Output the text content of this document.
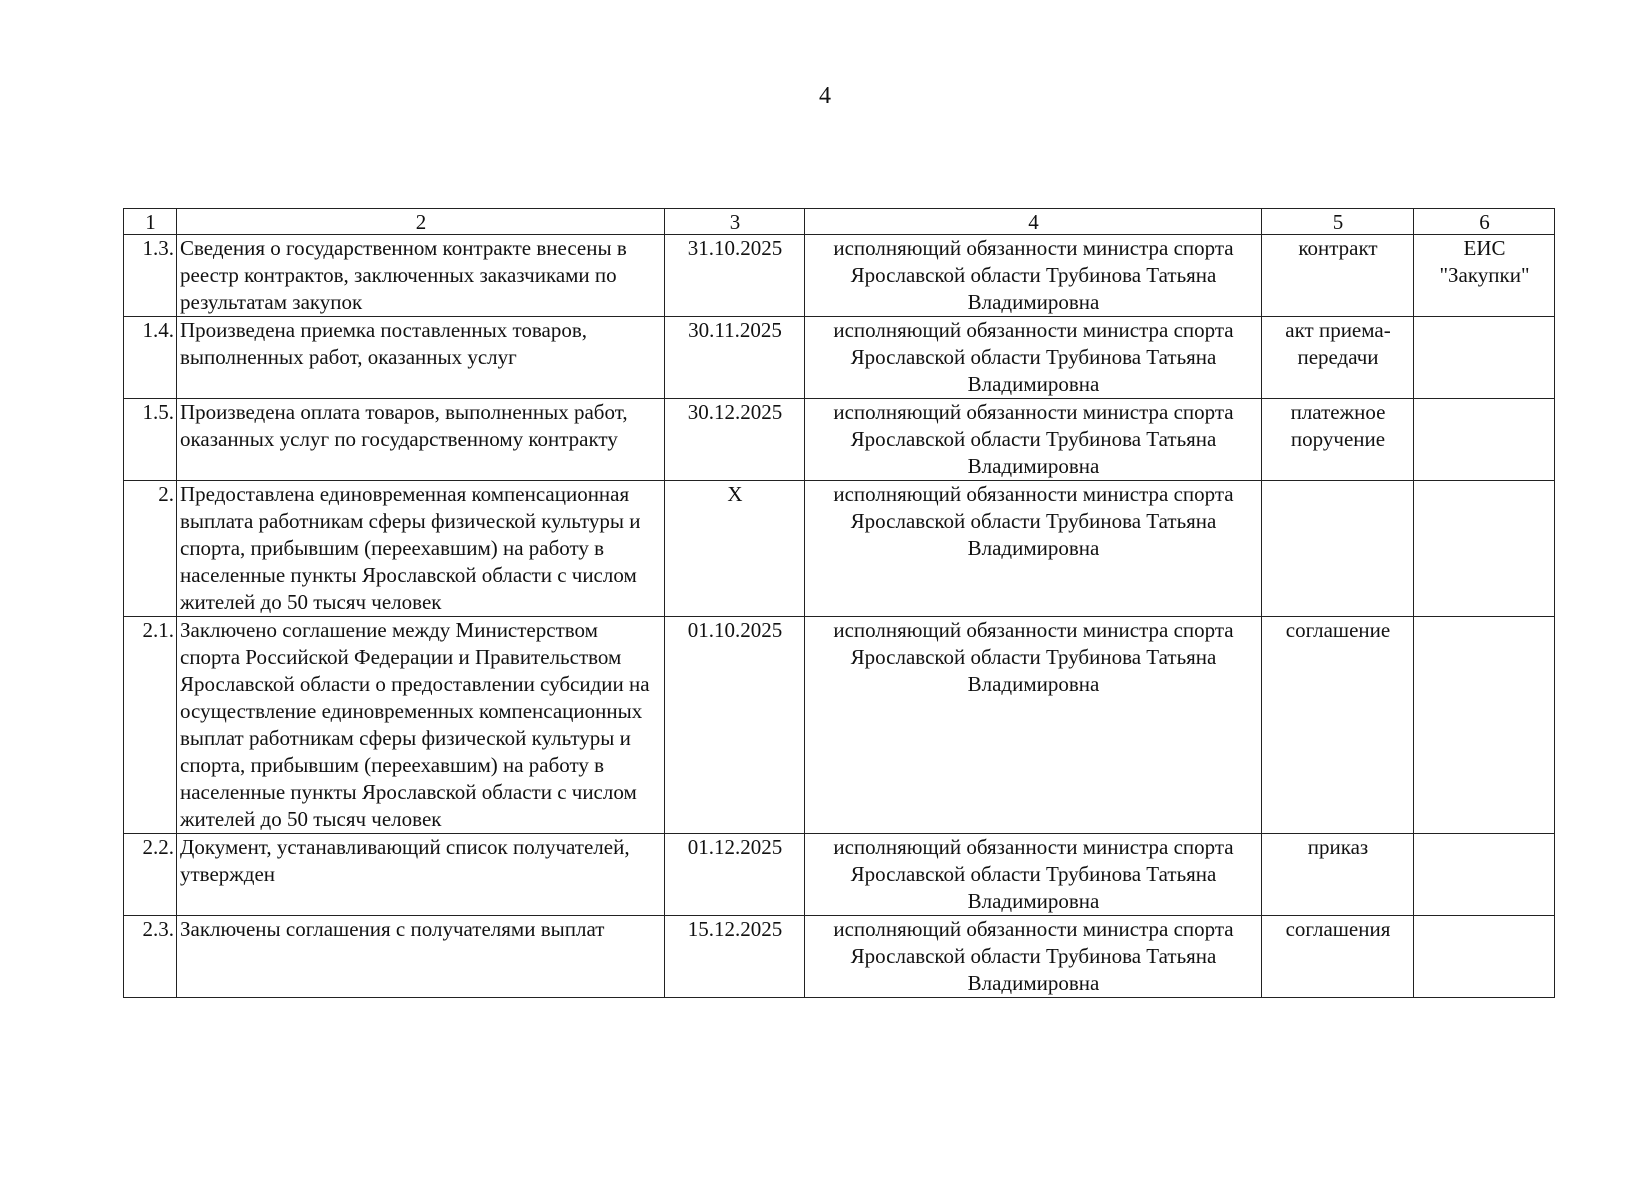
4
1	2	3	4	5	6
1.3.	Сведения о государственном контракте внесены в реестр контрактов, заключенных заказчиками по результатам закупок	31.10.2025	исполняющий обязанности министра спорта Ярославской области Трубинова Татьяна Владимировна	контракт	ЕИС "Закупки"
1.4.	Произведена приемка поставленных товаров, выполненных работ, оказанных услуг	30.11.2025	исполняющий обязанности министра спорта Ярославской области Трубинова Татьяна Владимировна	акт приема-передачи	
1.5.	Произведена оплата товаров, выполненных работ, оказанных услуг по государственному контракту	30.12.2025	исполняющий обязанности министра спорта Ярославской области Трубинова Татьяна Владимировна	платежное поручение	
2.	Предоставлена единовременная компенсационная выплата работникам сферы физической культуры и спорта, прибывшим (переехавшим) на работу в населенные пункты Ярославской области с числом жителей до 50 тысяч человек	Х	исполняющий обязанности министра спорта Ярославской области Трубинова Татьяна Владимировна		
2.1.	Заключено соглашение между Министерством спорта Российской Федерации и Правительством Ярославской области о предоставлении субсидии на осуществление единовременных компенсационных выплат работникам сферы физической культуры и спорта, прибывшим (переехавшим) на работу в населенные пункты Ярославской области с числом жителей до 50 тысяч человек	01.10.2025	исполняющий обязанности министра спорта Ярославской области Трубинова Татьяна Владимировна	соглашение	
2.2.	Документ, устанавливающий список получателей, утвержден	01.12.2025	исполняющий обязанности министра спорта Ярославской области Трубинова Татьяна Владимировна	приказ	
2.3.	Заключены соглашения с получателями выплат	15.12.2025	исполняющий обязанности министра спорта Ярославской области Трубинова Татьяна Владимировна	соглашения	
